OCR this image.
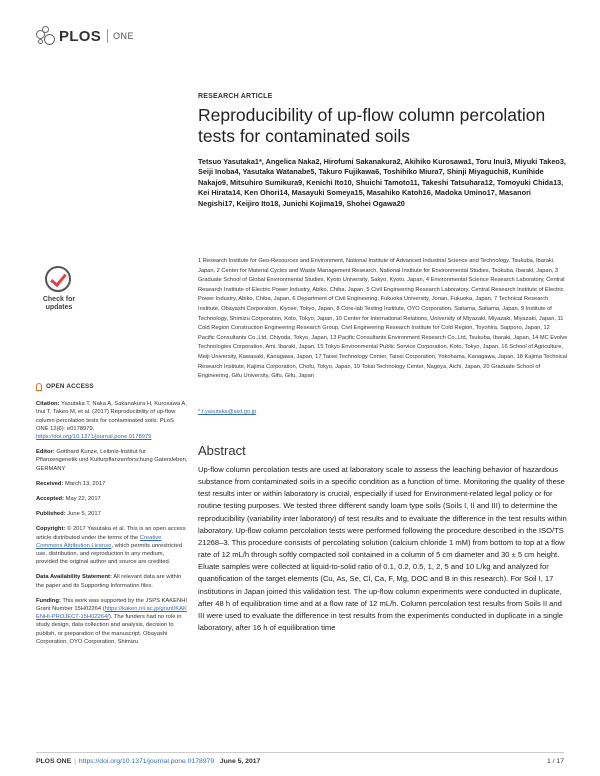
PLOS ONE
RESEARCH ARTICLE
Reproducibility of up-flow column percolation tests for contaminated soils
Tetsuo Yasutaka1*, Angelica Naka2, Hirofumi Sakanakura2, Akihiko Kurosawa1, Toru Inui3, Miyuki Takeo3, Seiji Inoba4, Yasutaka Watanabe5, Takuro Fujikawa6, Toshihiko Miura7, Shinji Miyaguchi8, Kunihide Nakajo9, Mitsuhiro Sumikura9, Kenichi Ito10, Shuichi Tamoto11, Takeshi Tatsuhara12, Tomoyuki Chida13, Kei Hirata14, Ken Ohori14, Masayuki Someya15, Masahiko Katoh16, Madoka Umino17, Masanori Negishi17, Keijiro Ito18, Junichi Kojima19, Shohei Ogawa20
1 Research Institute for Geo-Resources and Environment, National Institute of Advanced Industrial Science and Technology, Tsukuba, Ibaraki, Japan, 2 Center for Material Cycles and Waste Management Research, National Institute for Environmental Studies, Tsukuba, Ibaraki, Japan, 3 Graduate School of Global Environmental Studies, Kyoto University, Sakyo, Kyoto, Japan, 4 Environmental Science Research Laboratory, Central Research Institute of Electric Power Industry, Abiko, Chiba, Japan, 5 Civil Engineering Research Laboratory, Central Research Institute of Electric Power Industry, Abiko, Chiba, Japan, 6 Department of Civil Engineering, Fukuoka University, Jonan, Fukuoka, Japan, 7 Technical Research Institute, Obayashi Corporation, Kiyose, Tokyo, Japan, 8 Core-lab Testing Institute, OYO Corporation, Saitama, Saitama, Japan, 9 Institute of Technology, Shimizu Corporation, Koto, Tokyo, Japan, 10 Center for International Relations, University of Miyazaki, Miyazaki, Miyazaki, Japan, 11 Cold Region Construction Engineering Research Group, Civil Engineering Research Institute for Cold Region, Toyohira, Sapporo, Japan, 12 Pacific Consultants Co.,Ltd, Chiyoda, Tokyo, Japan, 13 Pacific Consultants Environment Research Co.,Ltd, Tsukuba, Ibaraki, Japan, 14 MC Evolve Technologies Corporation, Ami, Ibaraki, Japan, 15 Tokyo Environmental Public Service Corporation, Koto, Tokyo, Japan, 16 School of Agriculture, Meiji University, Kawasaki, Kanagawa, Japan, 17 Taisei Technology Center, Taisei Corporation, Yokohama, Kanagawa, Japan, 18 Kajima Technical Research Institute, Kajima Corporation, Chofu, Tokyo, Japan, 19 Tokai Technology Center, Nagoya, Aichi, Japan, 20 Graduate School of Engineering, Gifu University, Gifu, Gifu, Japan
* t.yasutaka@aist.go.jp
Abstract
Up-flow column percolation tests are used at laboratory scale to assess the leaching behavior of hazardous substance from contaminated soils in a specific condition as a function of time. Monitoring the quality of these test results inter or within laboratory is crucial, especially if used for Environment-related legal policy or for routine testing purposes. We tested three different sandy loam type soils (Soils I, II and III) to determine the reproducibility (variability inter laboratory) of test results and to evaluate the difference in the test results within laboratory. Up-flow column percolation tests were performed following the procedure described in the ISO/TS 21268–3. This procedure consists of percolating solution (calcium chloride 1 mM) from bottom to top at a flow rate of 12 mL/h through softly compacted soil contained in a column of 5 cm diameter and 30 ± 5 cm height. Eluate samples were collected at liquid-to-solid ratio of 0.1, 0.2, 0.5, 1, 2, 5 and 10 L/kg and analyzed for quantification of the target elements (Cu, As, Se, Cl, Ca, F, Mg, DOC and B in this research). For Soil I, 17 institutions in Japan joined this validation test. The up-flow column experiments were conducted in duplicate, after 48 h of equilibration time and at a flow rate of 12 mL/h. Column percolation test results from Soils II and III were used to evaluate the difference in test results from the experiments conducted in duplicate in a single laboratory, after 16 h of equilibration time
Check for updates
OPEN ACCESS

Citation: Yasutaka T, Naka A, Sakanakura H, Kurosawa A, Inui T, Takeo M, et al. (2017) Reproducibility of up-flow column percolation tests for contaminated soils. PLoS ONE 12(6): e0178979. https://doi.org/10.1371/journal.pone.0178979

Editor: Gotthard Kunze, Leibniz-Institut fur Pflanzengenetik und Kulturpflanzenforschung Gatersleben, GERMANY

Received: March 13, 2017

Accepted: May 22, 2017

Published: June 5, 2017

Copyright: © 2017 Yasutaka et al. This is an open access article distributed under the terms of the Creative Commons Attribution License, which permits unrestricted use, distribution, and reproduction in any medium, provided the original author and source are credited.

Data Availability Statement: All relevant data are within the paper and its Supporting Information files.

Funding: This work was supported by the JSPS KAKENHI Grant Number 15H02264 (https://kaken.nii.ac.jp/grant/KAKENHI-PROJECT-15H02264/). The funders had no role in study design, data collection and analysis, decision to publish, or preparation of the manuscript. Obayashi Corporation, OYO Corporation, Shimizu

PLOS ONE | https://doi.org/10.1371/journal.pone.0178979 June 5, 2017	1 / 17
